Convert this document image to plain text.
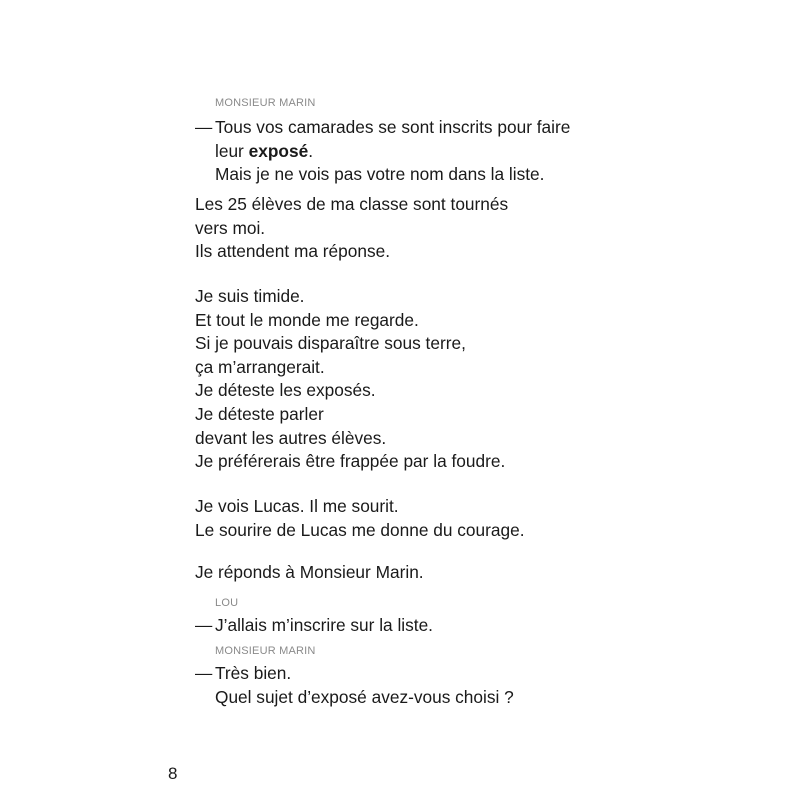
MONSIEUR MARIN
— Tous vos camarades se sont inscrits pour faire
leur exposé.
Mais je ne vois pas votre nom dans la liste.
Les 25 élèves de ma classe sont tournés
vers moi.
Ils attendent ma réponse.
Je suis timide.
Et tout le monde me regarde.
Si je pouvais disparaître sous terre,
ça m’arrangerait.
Je déteste les exposés.
Je déteste parler
devant les autres élèves.
Je préférerais être frappée par la foudre.
Je vois Lucas. Il me sourit.
Le sourire de Lucas me donne du courage.
Je réponds à Monsieur Marin.
LOU
— J’allais m’inscrire sur la liste.
MONSIEUR MARIN
— Très bien.
Quel sujet d’exposé avez-vous choisi ?
8
